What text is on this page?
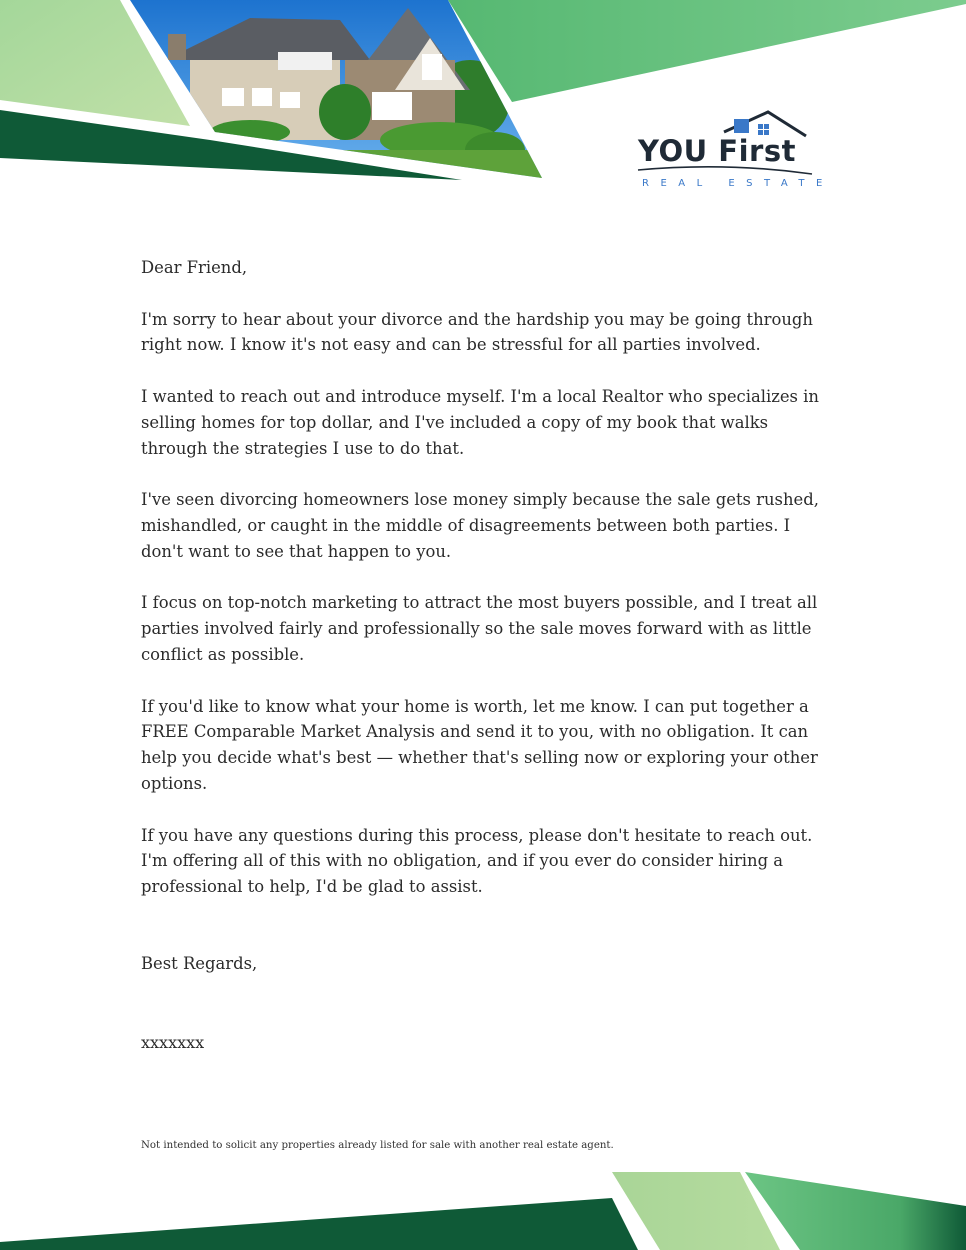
YOU First
REAL ESTATE

Dear Friend,

I'm sorry to hear about your divorce and the hardship you may be going through right now. I know it's not easy and can be stressful for all parties involved.

I wanted to reach out and introduce myself. I'm a local Realtor who specializes in selling homes for top dollar, and I've included a copy of my book that walks through the strategies I use to do that.

I've seen divorcing homeowners lose money simply because the sale gets rushed, mishandled, or caught in the middle of disagreements between both parties. I don't want to see that happen to you.

I focus on top-notch marketing to attract the most buyers possible, and I treat all parties involved fairly and professionally so the sale moves forward with as little conflict as possible.

If you'd like to know what your home is worth, let me know. I can put together a FREE Comparable Market Analysis and send it to you, with no obligation. It can help you decide what's best — whether that's selling now or exploring your other options.

If you have any questions during this process, please don't hesitate to reach out. I'm offering all of this with no obligation, and if you ever do consider hiring a professional to help, I'd be glad to assist.

Best Regards,
xxxxxxx
Not intended to solicit any properties already listed for sale with another real estate agent.
